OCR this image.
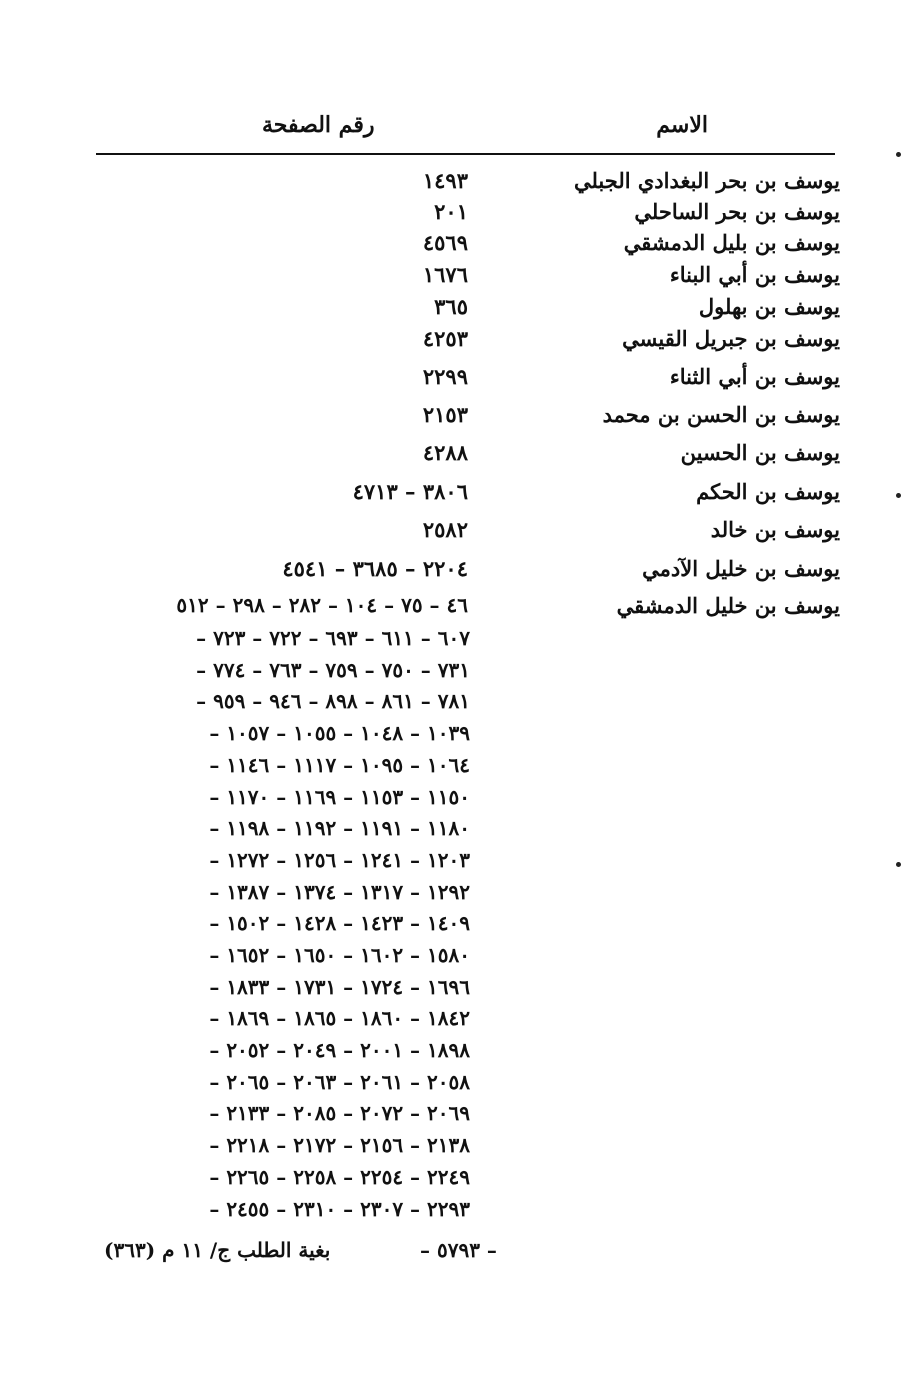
الاسم
رقم الصفحة
يوسف بن بحر البغدادي الجبلي
١٤٩٣
يوسف بن بحر الساحلي
٢٠١
يوسف بن بليل الدمشقي
٤٥٦٩
يوسف بن أبي البناء
١٦٧٦
يوسف بن بهلول
٣٦٥
يوسف بن جبريل القيسي
٤٢٥٣
يوسف بن أبي الثناء
٢٢٩٩
يوسف بن الحسن بن محمد
٢١٥٣
يوسف بن الحسين
٤٢٨٨
يوسف بن الحكم
٣٨٠٦ – ٤٧١٣
يوسف بن خالد
٢٥٨٢
يوسف بن خليل الآدمي
٢٢٠٤ – ٣٦٨٥ – ٤٥٤١
يوسف بن خليل الدمشقي
٤٦ – ٧٥ – ١٠٤ – ٢٨٢ – ٢٩٨ – ٥١٢
٦٠٧ – ٦١١ – ٦٩٣ – ٧٢٢ – ٧٢٣ –
٧٣١ – ٧٥٠ – ٧٥٩ – ٧٦٣ – ٧٧٤ –
٧٨١ – ٨٦١ – ٨٩٨ – ٩٤٦ – ٩٥٩ –
١٠٣٩ – ١٠٤٨ – ١٠٥٥ – ١٠٥٧ –
١٠٦٤ – ١٠٩٥ – ١١١٧ – ١١٤٦ –
١١٥٠ – ١١٥٣ – ١١٦٩ – ١١٧٠ –
١١٨٠ – ١١٩١ – ١١٩٢ – ١١٩٨ –
١٢٠٣ – ١٢٤١ – ١٢٥٦ – ١٢٧٢ –
١٢٩٢ – ١٣١٧ – ١٣٧٤ – ١٣٨٧ –
١٤٠٩ – ١٤٢٣ – ١٤٢٨ – ١٥٠٢ –
١٥٨٠ – ١٦٠٢ – ١٦٥٠ – ١٦٥٢ –
١٦٩٦ – ١٧٢٤ – ١٧٣١ – ١٨٣٣ –
١٨٤٢ – ١٨٦٠ – ١٨٦٥ – ١٨٦٩ –
١٨٩٨ – ٢٠٠١ – ٢٠٤٩ – ٢٠٥٢ –
٢٠٥٨ – ٢٠٦١ – ٢٠٦٣ – ٢٠٦٥ –
٢٠٦٩ – ٢٠٧٢ – ٢٠٨٥ – ٢١٣٣ –
٢١٣٨ – ٢١٥٦ – ٢١٧٢ – ٢٢١٨ –
٢٢٤٩ – ٢٢٥٤ – ٢٢٥٨ – ٢٢٦٥ –
٢٢٩٣ – ٢٣٠٧ – ٢٣١٠ – ٢٤٥٥ –
– ٥٧٩٣ –
بغية الطلب ج/ ١١ م (٣٦٣)
